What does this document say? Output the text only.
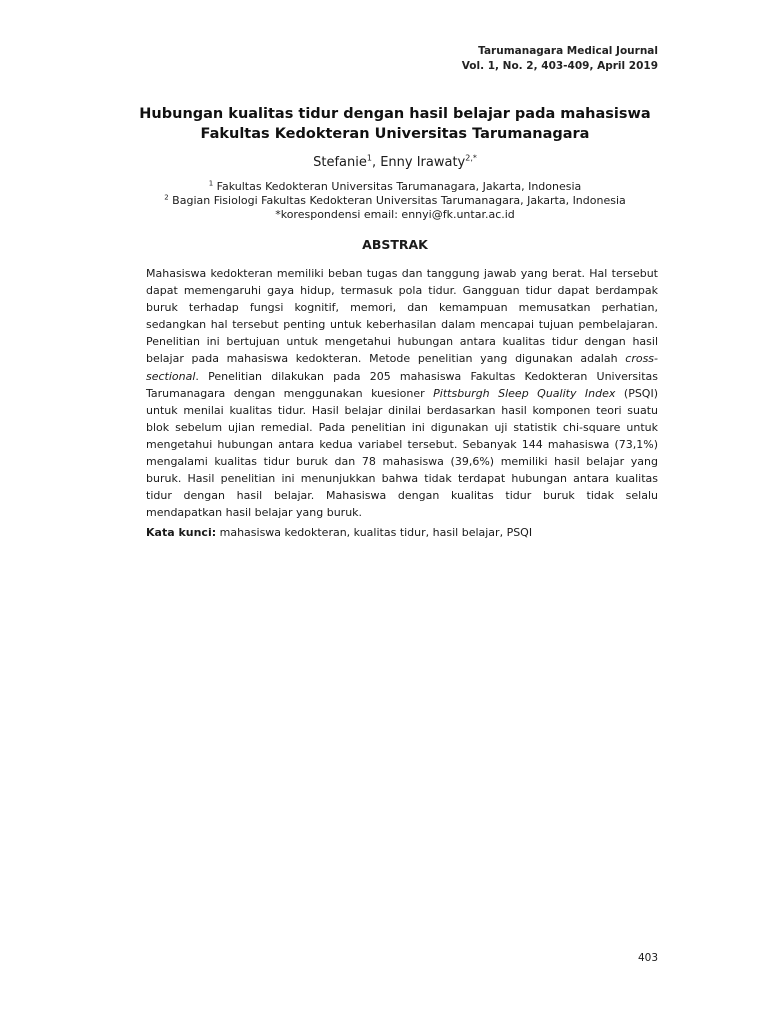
Tarumanagara Medical Journal
Vol. 1, No. 2, 403-409, April 2019
Hubungan kualitas tidur dengan hasil belajar pada mahasiswa
Fakultas Kedokteran Universitas Tarumanagara
Stefanie$^1$, Enny Irawaty$^{2,*}$
$^1$ Fakultas Kedokteran Universitas Tarumanagara, Jakarta, Indonesia
$^2$ Bagian Fisiologi Fakultas Kedokteran Universitas Tarumanagara, Jakarta, Indonesia
*korespondensi email: ennyi@fk.untar.ac.id
ABSTRAK
Mahasiswa kedokteran memiliki beban tugas dan tanggung jawab yang berat. Hal tersebut
dapat memengaruhi gaya hidup, termasuk pola tidur. Gangguan tidur dapat berdampak
buruk terhadap fungsi kognitif, memori, dan kemampuan memusatkan perhatian,
sedangkan hal tersebut penting untuk keberhasilan dalam mencapai tujuan pembelajaran.
Penelitian ini bertujuan untuk mengetahui hubungan antara kualitas tidur dengan hasil
belajar pada mahasiswa kedokteran. Metode penelitian yang digunakan adalah cross-
sectional. Penelitian dilakukan pada 205 mahasiswa Fakultas Kedokteran Universitas
Tarumanagara dengan menggunakan kuesioner Pittsburgh Sleep Quality Index (PSQI)
untuk menilai kualitas tidur. Hasil belajar dinilai berdasarkan hasil komponen teori suatu
blok sebelum ujian remedial. Pada penelitian ini digunakan uji statistik chi-square untuk
mengetahui hubungan antara kedua variabel tersebut. Sebanyak 144 mahasiswa (73,1%)
mengalami kualitas tidur buruk dan 78 mahasiswa (39,6%) memiliki hasil belajar yang
buruk. Hasil penelitian ini menunjukkan bahwa tidak terdapat hubungan antara kualitas
tidur dengan hasil belajar. Mahasiswa dengan kualitas tidur buruk tidak selalu
mendapatkan hasil belajar yang buruk.
Kata kunci: mahasiswa kedokteran, kualitas tidur, hasil belajar, PSQI
403
